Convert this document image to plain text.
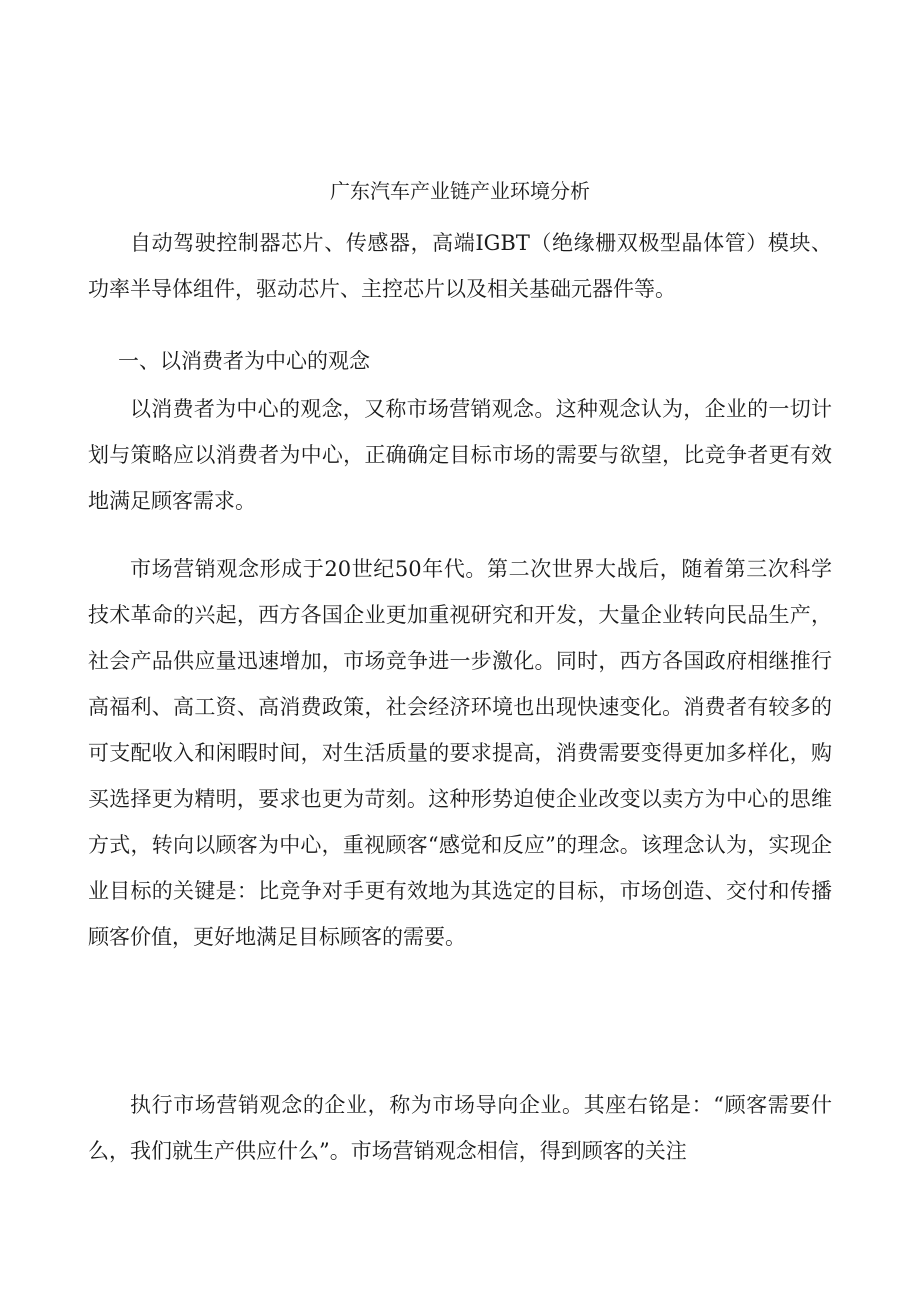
广东汽车产业链产业环境分析

自动驾驶控制器芯片、传感器，高端IGBT（绝缘栅双极型晶体管）模块、功率半导体组件，驱动芯片、主控芯片以及相关基础元器件等。

一、以消费者为中心的观念

以消费者为中心的观念，又称市场营销观念。这种观念认为，企业的一切计划与策略应以消费者为中心，正确确定目标市场的需要与欲望，比竞争者更有效地满足顾客需求。

市场营销观念形成于20世纪50年代。第二次世界大战后，随着第三次科学技术革命的兴起，西方各国企业更加重视研究和开发，大量企业转向民品生产，社会产品供应量迅速增加，市场竞争进一步激化。同时，西方各国政府相继推行高福利、高工资、高消费政策，社会经济环境也出现快速变化。消费者有较多的可支配收入和闲暇时间，对生活质量的要求提高，消费需要变得更加多样化，购买选择更为精明，要求也更为苛刻。这种形势迫使企业改变以卖方为中心的思维方式，转向以顾客为中心，重视顾客“感觉和反应”的理念。该理念认为，实现企业目标的关键是：比竞争对手更有效地为其选定的目标，市场创造、交付和传播顾客价值，更好地满足目标顾客的需要。

执行市场营销观念的企业，称为市场导向企业。其座右铭是：“顾客需要什么，我们就生产供应什么”。市场营销观念相信，得到顾客的关注
